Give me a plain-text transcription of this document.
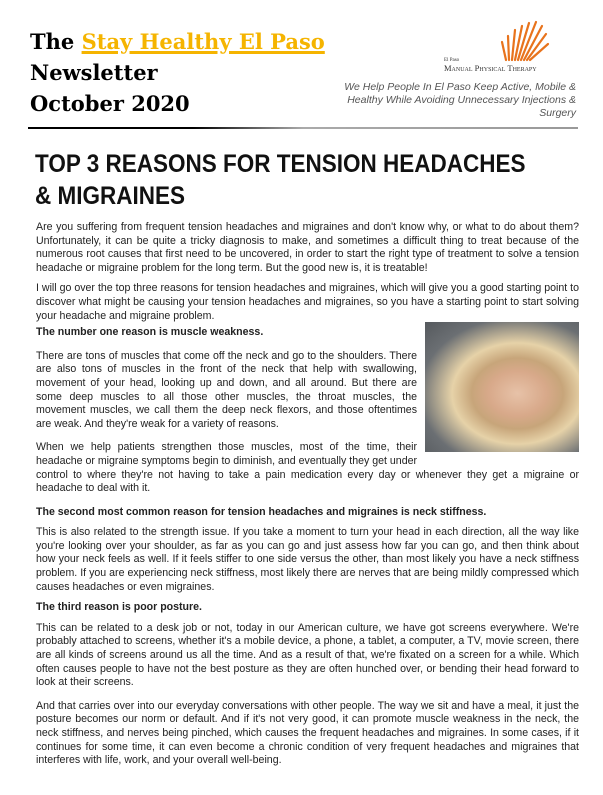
The Stay Healthy El Paso
Newsletter
October 2020
El Paso
Manual Physical Therapy
We Help People In El Paso Keep Active, Mobile & Healthy While Avoiding Unnecessary Injections & Surgery
TOP 3 REASONS FOR TENSION HEADACHES & MIGRAINES

Are you suffering from frequent tension headaches and migraines and don't know why, or what to do about them? Unfortunately, it can be quite a tricky diagnosis to make, and sometimes a difficult thing to treat because of the numerous root causes that first need to be uncovered, in order to start the right type of treatment to solve a tension headache or migraine problem for the long term. But the good new is, it is treatable!

I will go over the top three reasons for tension headaches and migraines, which will give you a good starting point to discover what might be causing your tension headaches and migraines, so you have a starting point to start solving your headache and migraine problem.

The number one reason is muscle weakness.

There are tons of muscles that come off the neck and go to the shoulders. There are also tons of muscles in the front of the neck that help with swallowing, movement of your head, looking up and down, and all around. But there are some deep muscles to all those other muscles, the throat muscles, the movement muscles, we call them the deep neck flexors, and those oftentimes are weak. And they're weak for a variety of reasons.

When we help patients strengthen those muscles, most of the time, their headache or migraine symptoms begin to diminish, and eventually they get under control to where they're not having to take a pain medication every day or whenever they get a migraine or headache to deal with it.

The second most common reason for tension headaches and migraines is neck stiffness.

This is also related to the strength issue. If you take a moment to turn your head in each direction, all the way like you're looking over your shoulder, as far as you can go and just assess how far you can go, and then think about how your neck feels as well. If it feels stiffer to one side versus the other, than most likely you have a neck stiffness problem. If you are experiencing neck stiffness, most likely there are nerves that are being mildly compressed which causes headaches or even migraines.

The third reason is poor posture.

This can be related to a desk job or not, today in our American culture, we have got screens everywhere. We're probably attached to screens, whether it's a mobile device, a phone, a tablet, a computer, a TV, movie screen, there are all kinds of screens around us all the time. And as a result of that, we're fixated on a screen for a while. Which often causes people to have not the best posture as they are often hunched over, or bending their head forward to look at their screens.

And that carries over into our everyday conversations with other people. The way we sit and have a meal, it just the posture becomes our norm or default. And if it's not very good, it can promote muscle weakness in the neck, the neck stiffness, and nerves being pinched, which causes the frequent headaches and migraines. In some cases, if it continues for some time, it can even become a chronic condition of very frequent headaches and migraines that interferes with life, work, and your overall well-being.
